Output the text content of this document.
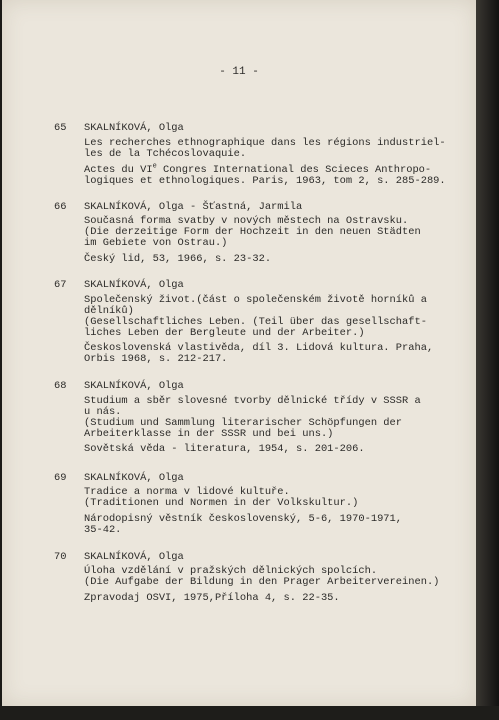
- 11 -
65 SKALNÍKOVÁ, Olga
Les recherches ethnographique dans les régions industriel-
les de la Tchécoslovaquie.
Actes du VIe Congres International des Scieces Anthropo-
logiques et ethnologiques. Paris, 1963, tom 2, s. 285-289.
66 SKALNÍKOVÁ, Olga - Šťastná, Jarmila
Současná forma svatby v nových městech na Ostravsku.
(Die derzeitige Form der Hochzeit in den neuen Städten
im Gebiete von Ostrau.)
Český lid, 53, 1966, s. 23-32.
67 SKALNÍKOVÁ, Olga
Společenský život.(část o společenském životě horníků a
dělníků)
(Gesellschaftliches Leben. (Teil über das gesellschaft-
liches Leben der Bergleute und der Arbeiter.)
Československá vlastivěda, díl 3. Lidová kultura. Praha,
Orbis 1968, s. 212-217.
68 SKALNÍKOVÁ, Olga
Studium a sběr slovesné tvorby dělnické třídy v SSSR a
u nás.
(Studium und Sammlung literarischer Schöpfungen der
Arbeiterklasse in der SSSR und bei uns.)
Sovětská věda - literatura, 1954, s. 201-206.
69 SKALNÍKOVÁ, Olga
Tradice a norma v lidové kultuře.
(Traditionen und Normen in der Volkskultur.)
Národopisný věstník československý, 5-6, 1970-1971,
35-42.
70 SKALNÍKOVÁ, Olga
Úloha vzdělání v pražských dělnických spolcích.
(Die Aufgabe der Bildung in den Prager Arbeitervereinen.)
Zpravodaj OSVI, 1975,Příloha 4, s. 22-35.
